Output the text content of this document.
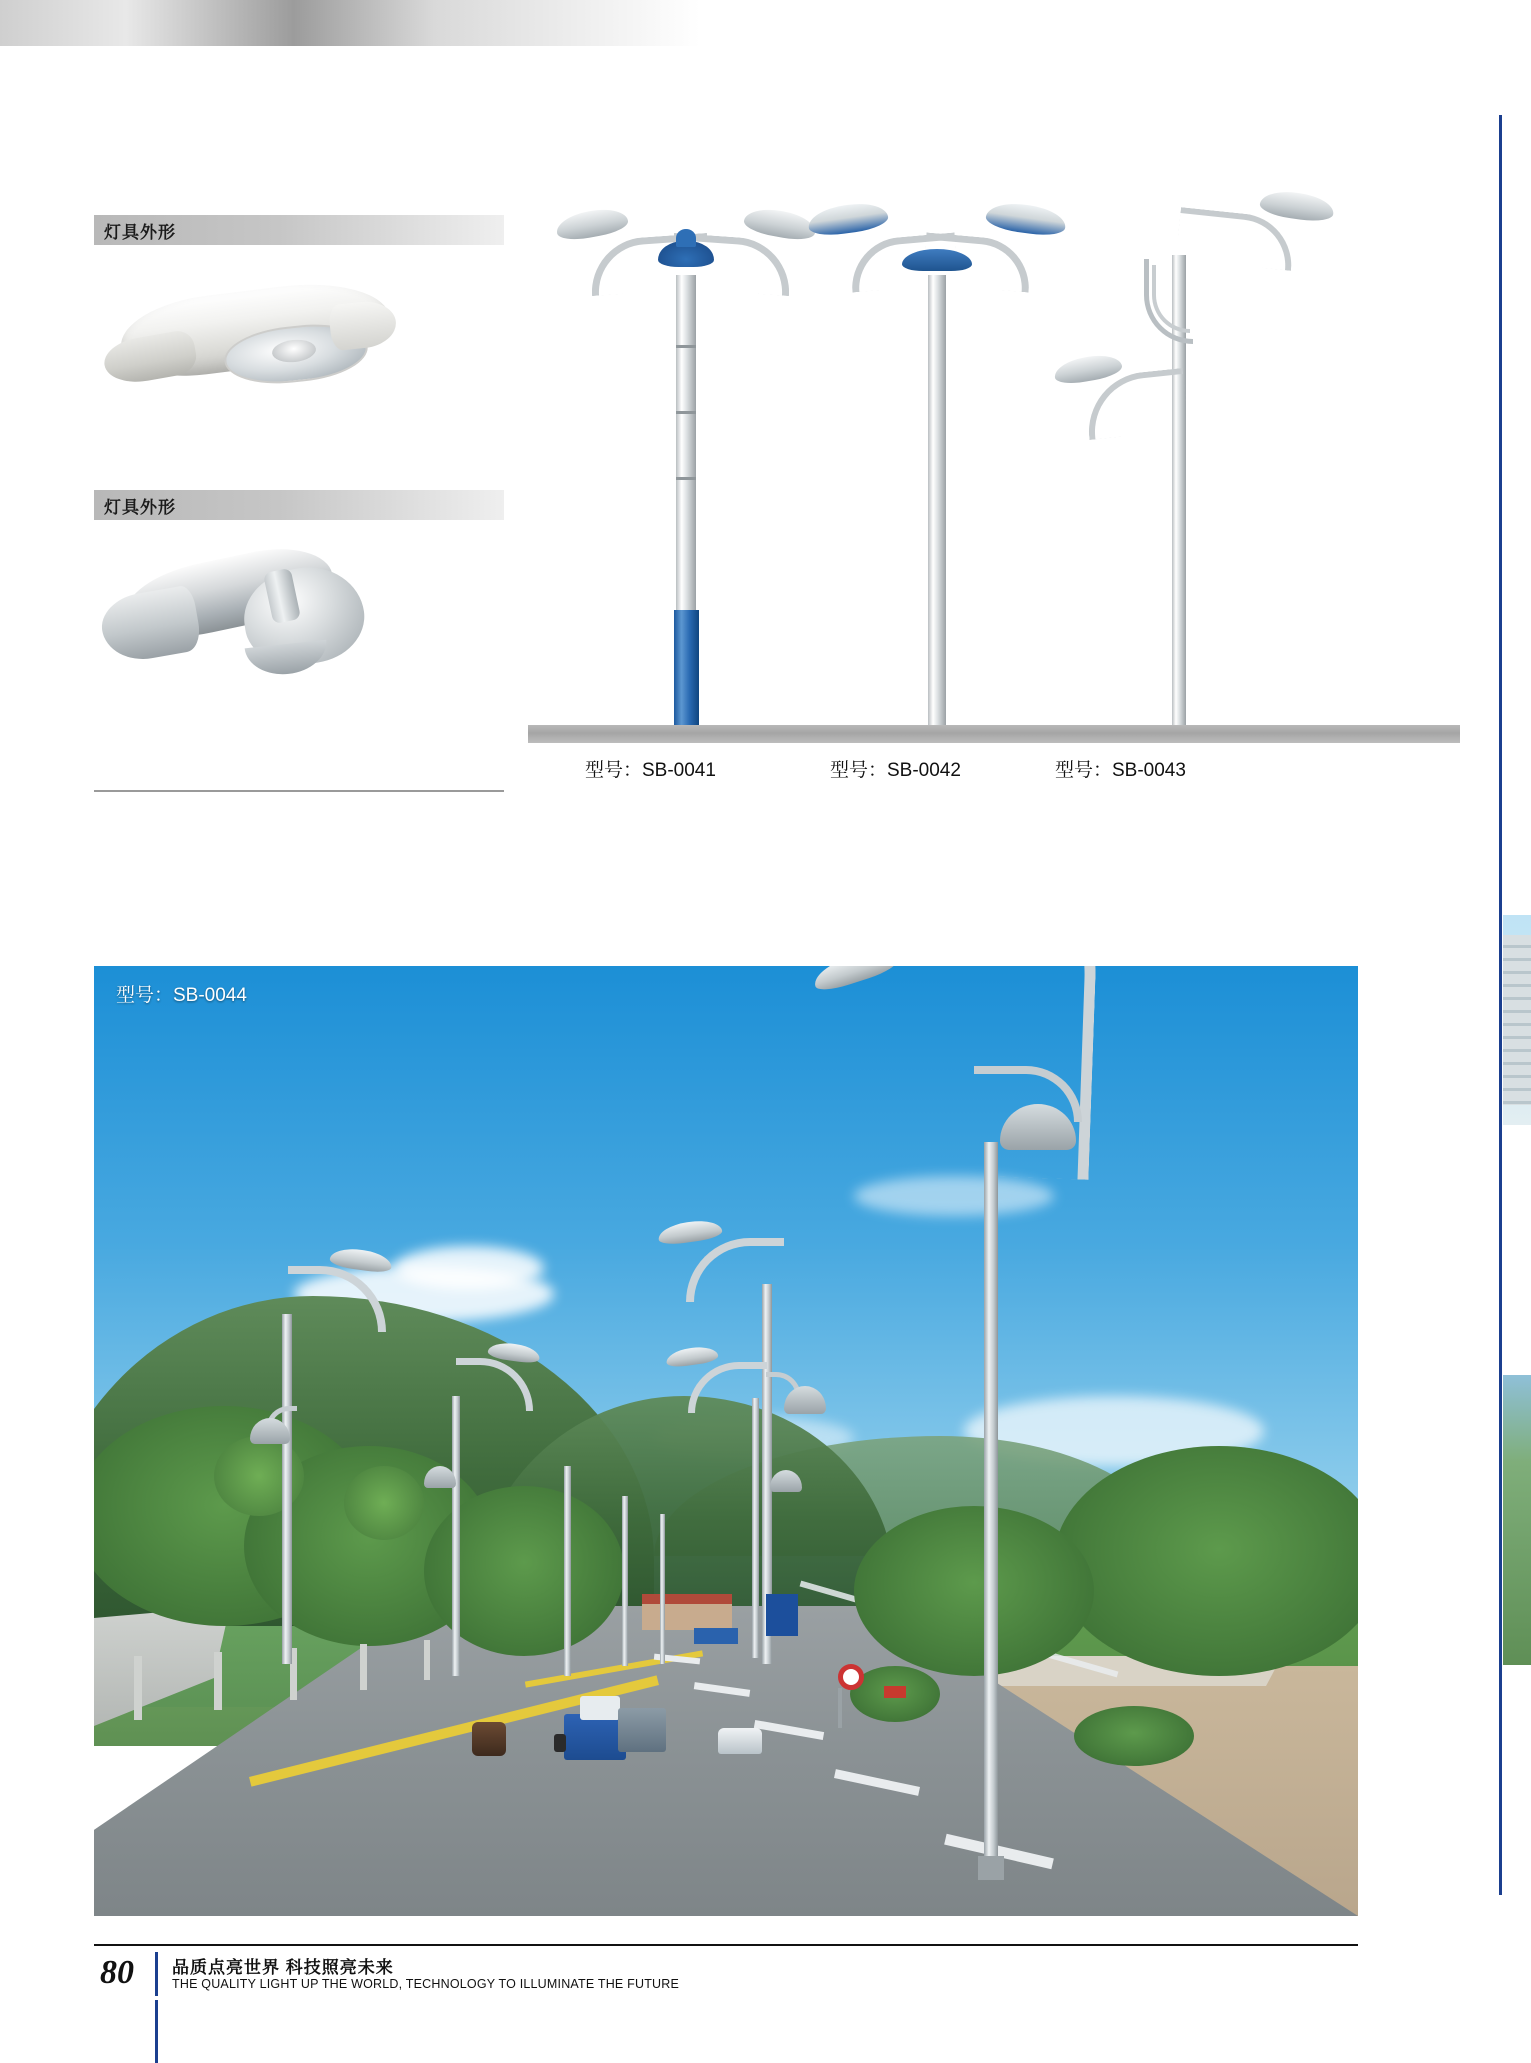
灯具外形
灯具外形
型号：SB-0041	型号：SB-0042	型号：SB-0043
型号：SB-0044
80 品质点亮世界 科技照亮未来
THE QUALITY LIGHT UP THE WORLD, TECHNOLOGY TO ILLUMINATE THE FUTURE
